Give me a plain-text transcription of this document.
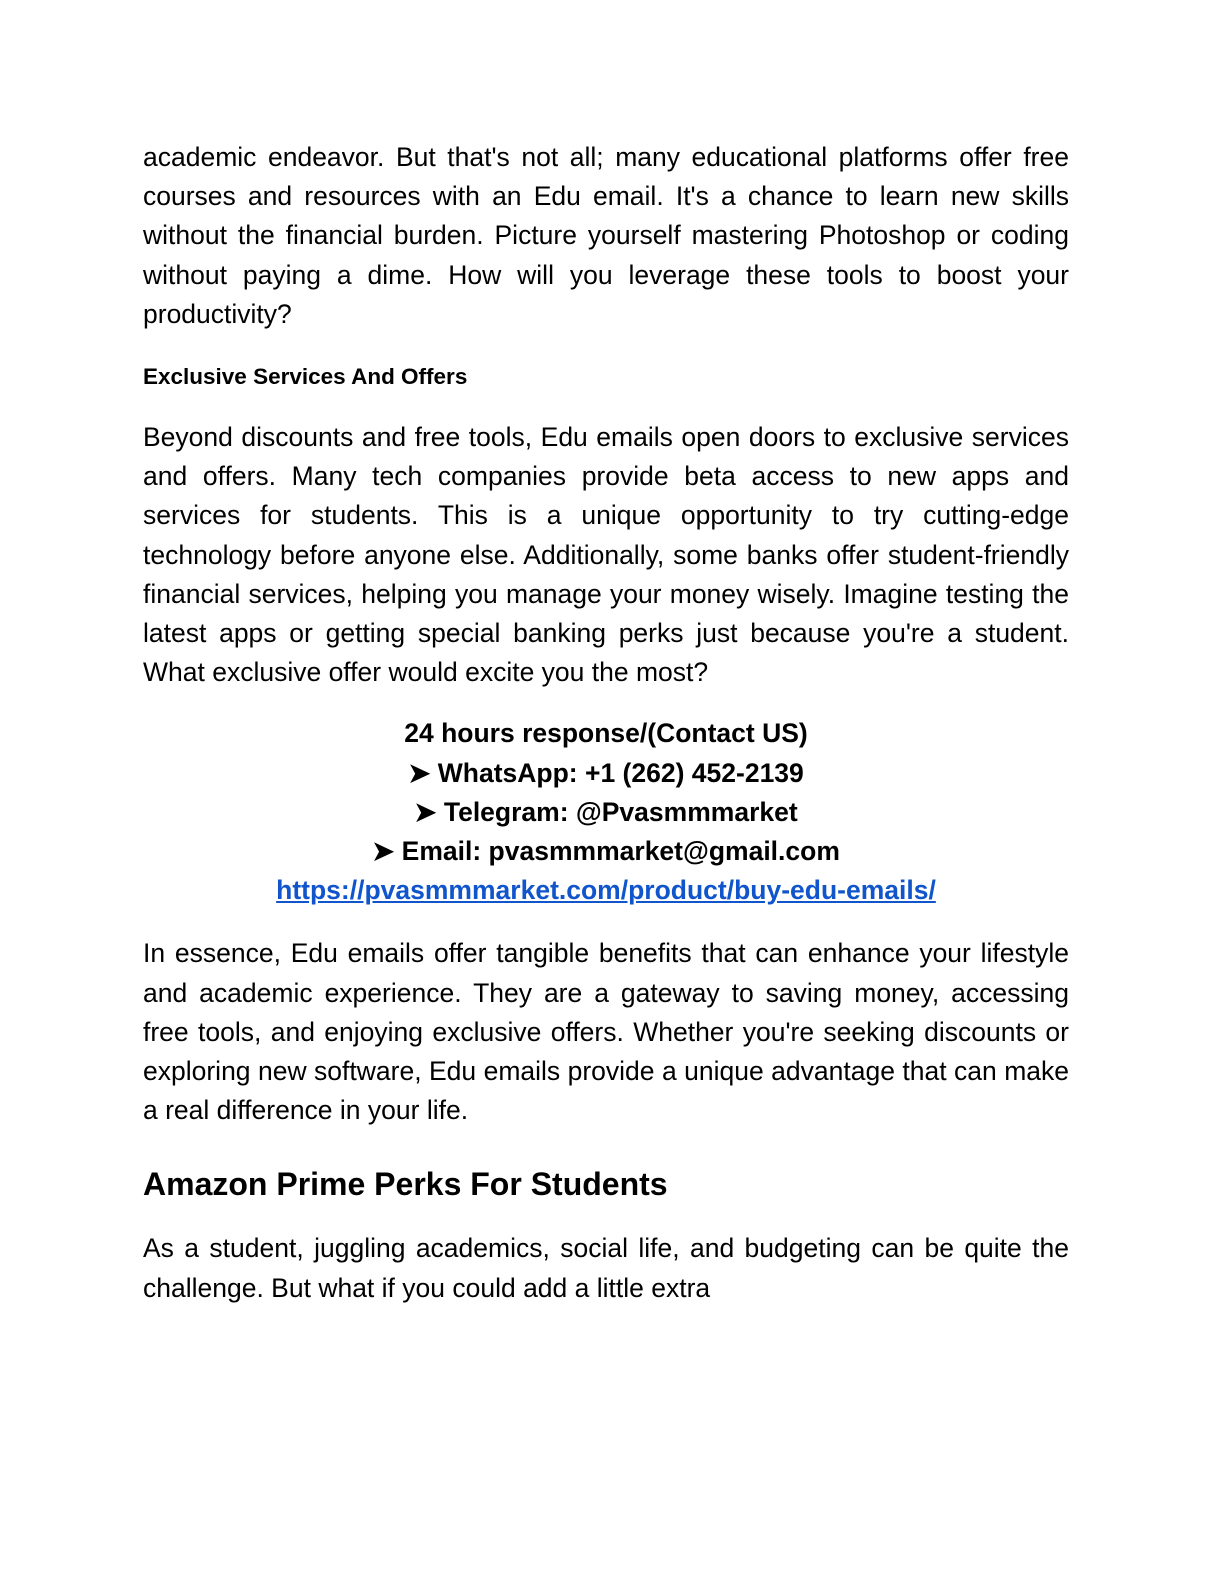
academic endeavor. But that's not all; many educational platforms offer free courses and resources with an Edu email. It's a chance to learn new skills without the financial burden. Picture yourself mastering Photoshop or coding without paying a dime. How will you leverage these tools to boost your productivity?

Exclusive Services And Offers

Beyond discounts and free tools, Edu emails open doors to exclusive services and offers. Many tech companies provide beta access to new apps and services for students. This is a unique opportunity to try cutting-edge technology before anyone else. Additionally, some banks offer student-friendly financial services, helping you manage your money wisely. Imagine testing the latest apps or getting special banking perks just because you're a student. What exclusive offer would excite you the most?

24 hours response/(Contact US)
➤ WhatsApp: +1 (262) 452-2139
➤ Telegram: @Pvasmmmarket
➤ Email: pvasmmmarket@gmail.com
https://pvasmmmarket.com/product/buy-edu-emails/

In essence, Edu emails offer tangible benefits that can enhance your lifestyle and academic experience. They are a gateway to saving money, accessing free tools, and enjoying exclusive offers. Whether you're seeking discounts or exploring new software, Edu emails provide a unique advantage that can make a real difference in your life.

Amazon Prime Perks For Students

As a student, juggling academics, social life, and budgeting can be quite the challenge. But what if you could add a little extra
